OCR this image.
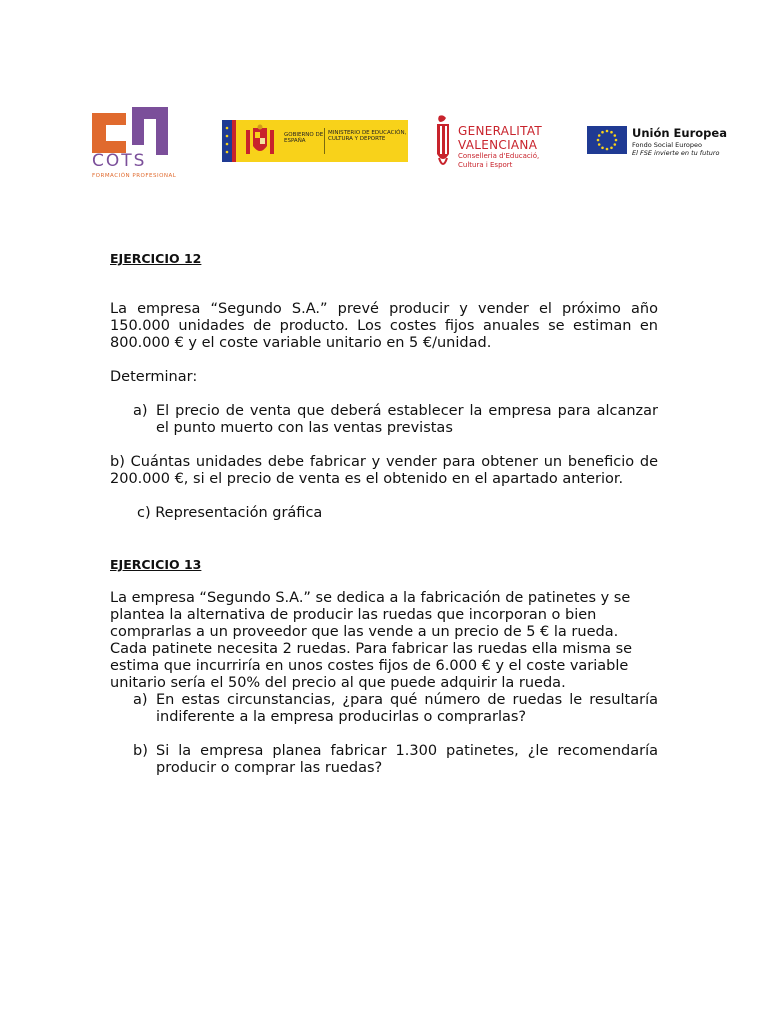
COTS
FORMACIÓN PROFESIONAL
GOBIERNO DE ESPAÑA
MINISTERIO DE EDUCACIÓN, CULTURA Y DEPORTE
GENERALITAT
VALENCIANA
Conselleria d'Educació,
Cultura i Esport
Unión Europea
Fondo Social Europeo
El FSE invierte en tu futuro

EJERCICIO 12

La empresa “Segundo S.A.” prevé producir y vender el próximo año 150.000 unidades de producto. Los costes fijos anuales se estiman en 800.000 € y el coste variable unitario en 5 €/unidad.

Determinar:

a) El precio de venta que deberá establecer la empresa para alcanzar el punto muerto con las ventas previstas

b) Cuántas unidades debe fabricar y vender para obtener un beneficio de 200.000 €, si el precio de venta es el obtenido en el apartado anterior.

c) Representación gráfica

EJERCICIO 13

La empresa “Segundo S.A.” se dedica a la fabricación de patinetes y se plantea la alternativa de producir las ruedas que incorporan o bien comprarlas a un proveedor que las vende a un precio de 5 € la rueda. Cada patinete necesita 2 ruedas. Para fabricar las ruedas ella misma se estima que incurriría en unos costes fijos de 6.000 € y el coste variable unitario sería el 50% del precio al que puede adquirir la rueda.

a) En estas circunstancias, ¿para qué número de ruedas le resultaría indiferente a la empresa producirlas o comprarlas?
b) Si la empresa planea fabricar 1.300 patinetes, ¿le recomendaría producir o comprar las ruedas?
